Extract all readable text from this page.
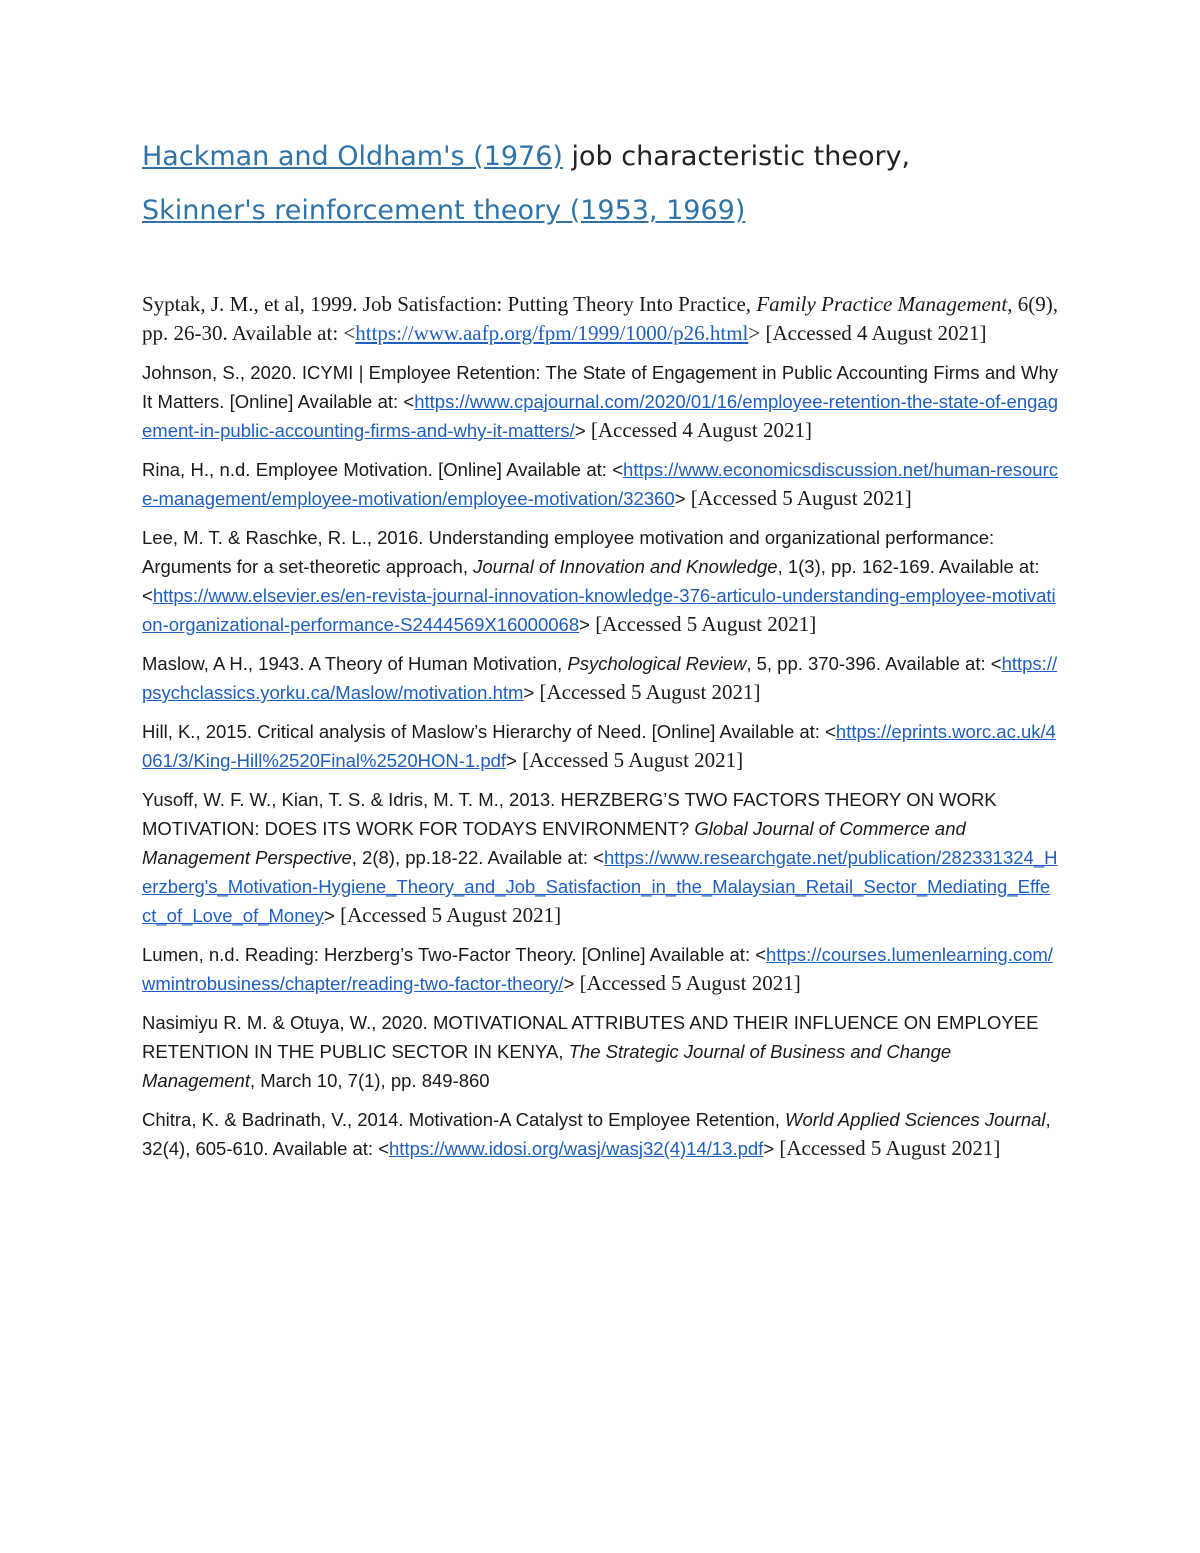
Hackman and Oldham's (1976) job characteristic theory,

Skinner's reinforcement theory (1953, 1969)

Syptak, J. M., et al, 1999. Job Satisfaction: Putting Theory Into Practice, Family Practice Management, 6(9), pp. 26-30. Available at: <https://www.aafp.org/fpm/1999/1000/p26.html> [Accessed 4 August 2021]

Johnson, S., 2020. ICYMI | Employee Retention: The State of Engagement in Public Accounting Firms and Why It Matters. [Online] Available at: <https://www.cpajournal.com/2020/01/16/employee-retention-the-state-of-engagement-in-public-accounting-firms-and-why-it-matters/> [Accessed 4 August 2021]

Rina, H., n.d. Employee Motivation. [Online] Available at: <https://www.economicsdiscussion.net/human-resource-management/employee-motivation/employee-motivation/32360> [Accessed 5 August 2021]

Lee, M. T. & Raschke, R. L., 2016. Understanding employee motivation and organizational performance: Arguments for a set-theoretic approach, Journal of Innovation and Knowledge, 1(3), pp. 162-169. Available at: <https://www.elsevier.es/en-revista-journal-innovation-knowledge-376-articulo-understanding-employee-motivation-organizational-performance-S2444569X16000068> [Accessed 5 August 2021]

Maslow, A H., 1943. A Theory of Human Motivation, Psychological Review, 5, pp. 370-396. Available at: <https://psychclassics.yorku.ca/Maslow/motivation.htm> [Accessed 5 August 2021]

Hill, K., 2015. Critical analysis of Maslow’s Hierarchy of Need. [Online] Available at: <https://eprints.worc.ac.uk/4061/3/King-Hill%2520Final%2520HON-1.pdf> [Accessed 5 August 2021]

Yusoff, W. F. W., Kian, T. S. & Idris, M. T. M., 2013. HERZBERG’S TWO FACTORS THEORY ON WORK MOTIVATION: DOES ITS WORK FOR TODAYS ENVIRONMENT? Global Journal of Commerce and Management Perspective, 2(8), pp.18-22. Available at: <https://www.researchgate.net/publication/282331324_Herzberg's_Motivation-Hygiene_Theory_and_Job_Satisfaction_in_the_Malaysian_Retail_Sector_Mediating_Effect_of_Love_of_Money> [Accessed 5 August 2021]

Lumen, n.d. Reading: Herzberg’s Two-Factor Theory. [Online] Available at: <https://courses.lumenlearning.com/wmintrobusiness/chapter/reading-two-factor-theory/> [Accessed 5 August 2021]

Nasimiyu R. M. & Otuya, W., 2020. MOTIVATIONAL ATTRIBUTES AND THEIR INFLUENCE ON EMPLOYEE RETENTION IN THE PUBLIC SECTOR IN KENYA, The Strategic Journal of Business and Change Management, March 10, 7(1), pp. 849-860

Chitra, K. & Badrinath, V., 2014. Motivation-A Catalyst to Employee Retention, World Applied Sciences Journal, 32(4), 605-610. Available at: <https://www.idosi.org/wasj/wasj32(4)14/13.pdf> [Accessed 5 August 2021]
